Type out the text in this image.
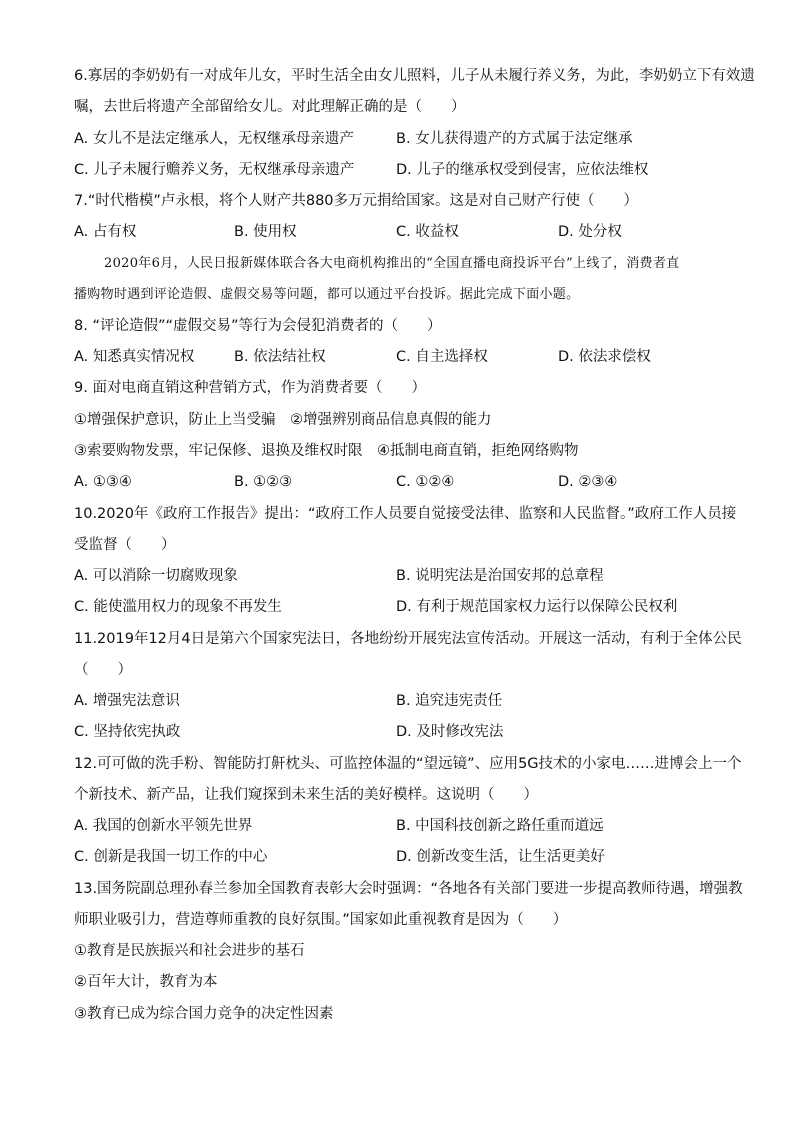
6.寡居的李奶奶有一对成年儿女，平时生活全由女儿照料，儿子从未履行养义务，为此，李奶奶立下有效遗
嘱，去世后将遗产全部留给女儿。对此理解正确的是（　　）
A. 女儿不是法定继承人，无权继承母亲遗产	B. 女儿获得遗产的方式属于法定继承
C. 儿子未履行赡养义务，无权继承母亲遗产	D. 儿子的继承权受到侵害，应依法维权
7.“时代楷模”卢永根，将个人财产共880多万元捐给国家。这是对自己财产行使（　　）
A. 占有权	B. 使用权	C. 收益权	D. 处分权
2020年6月，人民日报新媒体联合各大电商机构推出的“全国直播电商投诉平台”上线了，消费者直
播购物时遇到评论造假、虚假交易等问题，都可以通过平台投诉。据此完成下面小题。
8. “评论造假”“虚假交易”等行为会侵犯消费者的（　　）
A. 知悉真实情况权	B. 依法结社权	C. 自主选择权	D. 依法求偿权
9. 面对电商直销这种营销方式，作为消费者要（　　）
①增强保护意识，防止上当受骗　②增强辨别商品信息真假的能力
③索要购物发票，牢记保修、退换及维权时限　④抵制电商直销，拒绝网络购物
A. ①③④	B. ①②③	C. ①②④	D. ②③④
10.2020年《政府工作报告》提出：“政府工作人员要自觉接受法律、监察和人民监督。”政府工作人员接
受监督（　　）
A. 可以消除一切腐败现象	B. 说明宪法是治国安邦的总章程
C. 能使滥用权力的现象不再发生	D. 有利于规范国家权力运行以保障公民权利
11.2019年12月4日是第六个国家宪法日，各地纷纷开展宪法宣传活动。开展这一活动，有利于全体公民
（　　）
A. 增强宪法意识	B. 追究违宪责任
C. 坚持依宪执政	D. 及时修改宪法
12.可可做的洗手粉、智能防打鼾枕头、可监控体温的“望远镜”、应用5G技术的小家电……进博会上一个
个新技术、新产品，让我们窥探到未来生活的美好模样。这说明（　　）
A. 我国的创新水平领先世界	B. 中国科技创新之路任重而道远
C. 创新是我国一切工作的中心	D. 创新改变生活，让生活更美好
13.国务院副总理孙春兰参加全国教育表彰大会时强调：“各地各有关部门要进一步提高教师待遇，增强教
师职业吸引力，营造尊师重教的良好氛围。”国家如此重视教育是因为（　　）
①教育是民族振兴和社会进步的基石
②百年大计，教育为本
③教育已成为综合国力竞争的决定性因素
